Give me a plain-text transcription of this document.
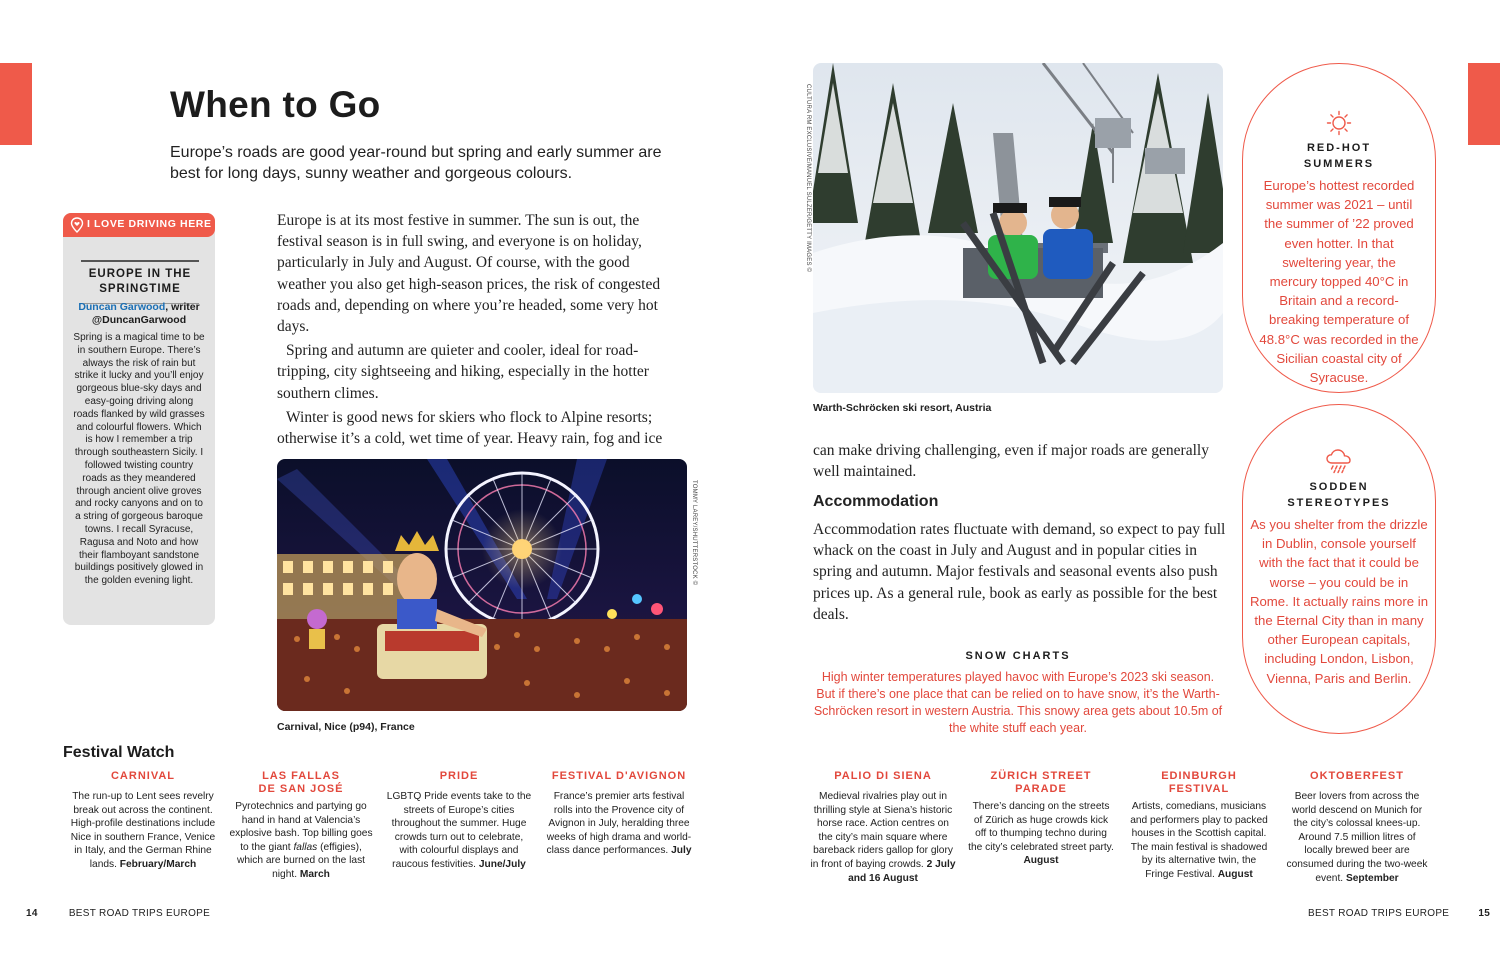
When to Go

Europe’s roads are good year-round but spring and early summer are best for long days, sunny weather and gorgeous colours.

I LOVE DRIVING HERE
EUROPE IN THE
SPRINGTIME
Duncan Garwood, writer
@DuncanGarwood

Spring is a magical time to be in southern Europe. There’s always the risk of rain but strike it lucky and you’ll enjoy gorgeous blue-sky days and easy-going driving along roads flanked by wild grasses and colourful flowers. Which is how I remember a trip through southeastern Sicily. I followed twisting country roads as they meandered through ancient olive groves and rocky canyons and on to a string of gorgeous baroque towns. I recall Syracuse, Ragusa and Noto and how their flamboyant sandstone buildings positively glowed in the golden evening light.

Europe is at its most festive in summer. The sun is out, the festival season is in full swing, and everyone is on holiday, particularly in July and August. Of course, with the good weather you also get high-season prices, the risk of congested roads and, depending on where you’re headed, some very hot days.

Spring and autumn are quieter and cooler, ideal for road-tripping, city sightseeing and hiking, especially in the hotter southern climes.

Winter is good news for skiers who flock to Alpine resorts; otherwise it’s a cold, wet time of year. Heavy rain, fog and ice

TOMMY LAREY/SHUTTERSTOCK ©
Carnival, Nice (p94), France
Festival Watch
CARNIVAL
The run-up to Lent sees revelry break out across the continent. High-profile destinations include Nice in southern France, Venice in Italy, and the German Rhine lands. February/March
LAS FALLAS
DE SAN JOSÉ
Pyrotechnics and partying go hand in hand at Valencia’s explosive bash. Top billing goes to the giant fallas (effigies), which are burned on the last night. March
PRIDE
LGBTQ Pride events take to the streets of Europe’s cities throughout the summer. Huge crowds turn out to celebrate, with colourful displays and raucous festivities. June/July
FESTIVAL D'AVIGNON
France’s premier arts festival rolls into the Provence city of Avignon in July, heralding three weeks of high drama and world-class dance performances. July
PALIO DI SIENA
Medieval rivalries play out in thrilling style at Siena’s historic horse race. Action centres on the city’s main square where bareback riders gallop for glory in front of baying crowds. 2 July and 16 August
ZÜRICH STREET
PARADE
There’s dancing on the streets of Zürich as huge crowds kick off to thumping techno during the city’s celebrated street party. August
EDINBURGH
FESTIVAL
Artists, comedians, musicians and performers play to packed houses in the Scottish capital. The main festival is shadowed by its alternative twin, the Fringe Festival. August
OKTOBERFEST
Beer lovers from across the world descend on Munich for the city’s colossal knees-up. Around 7.5 million litres of locally brewed beer are consumed during the two-week event. September
14	BEST ROAD TRIPS EUROPE	BEST ROAD TRIPS EUROPE	15
CULTURA RM EXCLUSIVE/MANUEL SULZER/GETTY IMAGES ©
Warth-Schröcken ski resort, Austria

can make driving challenging, even if major roads are generally well maintained.

Accommodation

Accommodation rates fluctuate with demand, so expect to pay full whack on the coast in July and August and in popular cities in spring and autumn. Major festivals and seasonal events also push prices up. As a general rule, book as early as possible for the best deals.

SNOW CHARTS

High winter temperatures played havoc with Europe’s 2023 ski season. But if there’s one place that can be relied on to have snow, it’s the Warth-Schröcken resort in western Austria. This snowy area gets about 10.5m of the white stuff each year.

RED-HOT
SUMMERS

Europe’s hottest recorded summer was 2021 – until the summer of ’22 proved even hotter. In that sweltering year, the mercury topped 40°C in Britain and a record-breaking temperature of 48.8°C was recorded in the Sicilian coastal city of Syracuse.

SODDEN
STEREOTYPES

As you shelter from the drizzle in Dublin, console yourself with the fact that it could be worse – you could be in Rome. It actually rains more in the Eternal City than in many other European capitals, including London, Lisbon, Vienna, Paris and Berlin.
